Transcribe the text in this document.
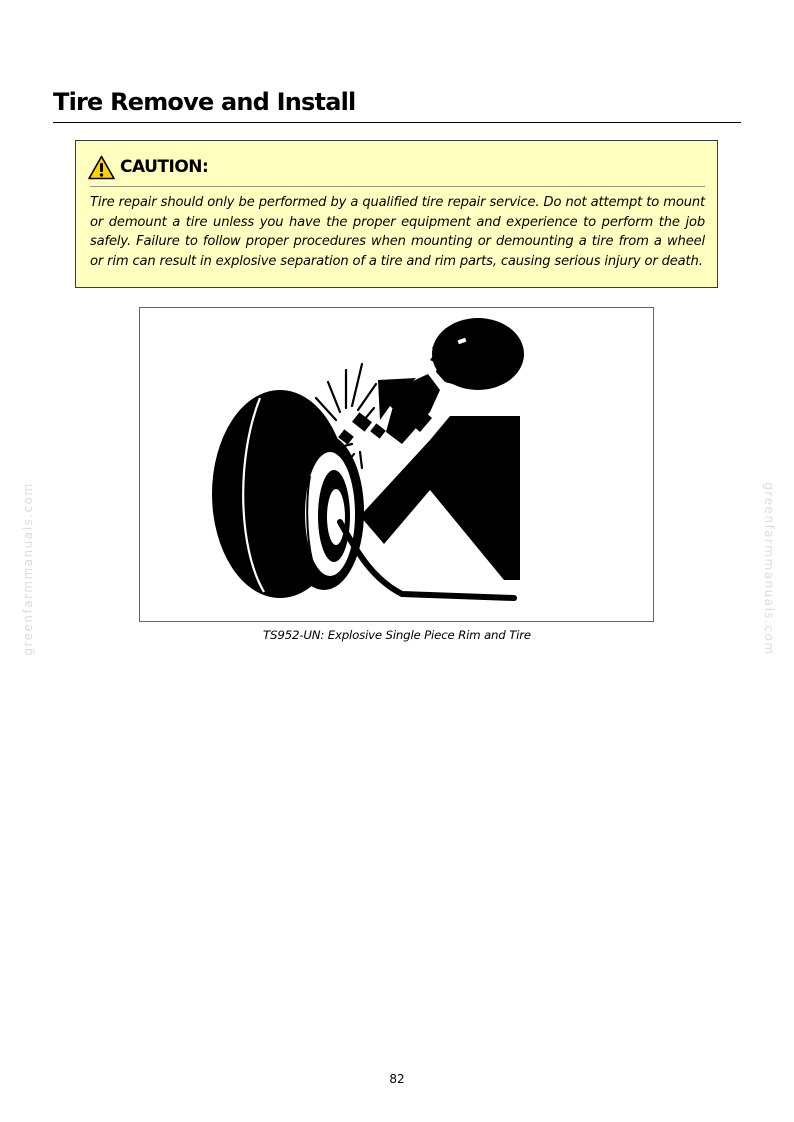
Tire Remove and Install
CAUTION:

Tire repair should only be performed by a qualified tire repair service. Do not attempt to mount or demount a tire unless you have the proper equipment and experience to perform the job safely. Failure to follow proper procedures when mounting or demounting a tire from a wheel or rim can result in explosive separation of a tire and rim parts, causing serious injury or death.

TS952-UN: Explosive Single Piece Rim and Tire

82

greenfarmmanuals.com	greenfarmmanuals.com
